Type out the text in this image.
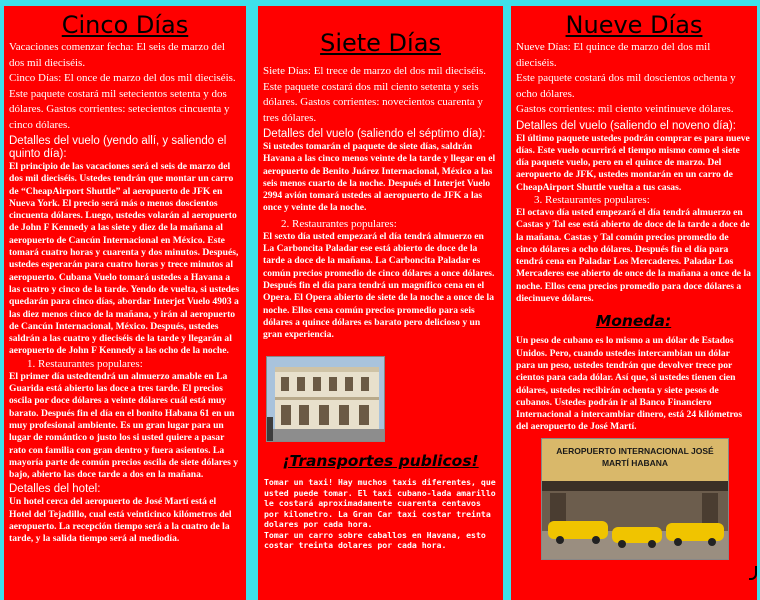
Cinco Días

Vacaciones comenzar fecha: El seis de marzo del dos mil dieciséis.

Cinco Días: El once de marzo del dos mil dieciséis. Este paquete costará mil setecientos setenta y dos dólares. Gastos corrientes: setecientos cincuenta y cinco dólares.

Detalles del vuelo (yendo allí, y saliendo el quinto día):

El principio de las vacaciones será el seis de marzo del dos mil dieciséis. Ustedes tendrán que montar un carro de “CheapAirport Shuttle” al aeropuerto de JFK en Nueva York. El precio será más o menos doscientos cincuenta dólares. Luego, ustedes volarán al aeropuerto de John F Kennedy a las siete y diez de la mañana al aeropuerto de Cancún Internacional en México. Este tomará cuatro horas y cuarenta y dos minutos. Después, ustedes esperarán para cuatro horas y trece minutos al aeropuerto. Cubana Vuelo tomará ustedes a Havana a las cuatro y cinco de la tarde. Yendo de vuelta, si ustedes quedarán para cinco días, abordar Interjet Vuelo 4903 a las diez menos cinco de la mañana, y irán al aeropuerto de Cancún Internacional, México. Después, ustedes saldrán a las cuatro y dieciséis de la tarde y llegarán al aeropuerto de John F Kennedy a las ocho de la noche.

1. Restaurantes populares:

El primer día ustedtendrá un almuerzo amable en La Guarida está abierto las doce a tres tarde. El precios oscila por doce dólares a veinte dólares cuál está muy barato. Después fin el día en el bonito Habana 61 en un muy profesional ambiente. Es un gran lugar para un lugar de romántico o justo los si usted quiere a pasar rato con familia con gran dentro y fuera asientos. La mayoría parte de común precios oscila de siete dólares y bajo, abierto las doce tarde a dos en la mañana.

Detalles del hotel:

Un hotel cerca del aeropuerto de José Martí está el Hotel del Tejadillo, cual está veinticinco kilómetros del aeropuerto. La recepción tiempo será a la cuatro de la tarde, y la salida tiempo será al mediodía.

Siete Días

Siete Días: El trece de marzo del dos mil dieciséis. Este paquete costará dos mil ciento setenta y seis dólares. Gastos corrientes: novecientos cuarenta y tres dólares.

Detalles del vuelo (saliendo el séptimo día):

Si ustedes tomarán el paquete de siete días, saldrán Havana a las cinco menos veinte de la tarde y llegar en el aeropuerto de Benito Juárez Internacional, México a las seis menos cuarto de la noche. Después el Interjet Vuelo 2994 avión tomará ustedes al aeropuerto de JFK a las once y veinte de la noche.

2. Restaurantes populares:

El sexto día usted empezará el día tendrá almuerzo en La Carboncita Paladar ese está abierto de doce de la tarde a doce de la mañana. La Carboncita Paladar es común precios promedio de cinco dólares a once dólares. Después fin el día para tendrá un magnífico cena en el Opera. El Opera abierto de siete de la noche a once de la noche. Ellos cena común precios promedio para seis dólares a quince dólares es barato pero delicioso y un gran experiencia.

¡Transportes publicos!

Tomar un taxi! Hay muchos taxis diferentes, que usted puede tomar. El taxi cubano-lada amarillo le costará aproximadamente cuarenta centavos por kilometro. La Gran Car taxi costar treinta dolares por cada hora.

Tomar un carro sobre caballos en Havana, esto costar treinta dolares por cada hora.

Nueve Días

Nueve Días: El quince de marzo del dos mil dieciséis.

Este paquete costará dos mil doscientos ochenta y ocho dólares.

Gastos corrientes: mil ciento veintinueve dólares.

Detalles del vuelo (saliendo el noveno día):

El último paquete ustedes podrán comprar es para nueve días. Este vuelo ocurrirá el tiempo mismo como el siete día paquete vuelo, pero en el quince de marzo. Del aeropuerto de JFK, ustedes montarán en un carro de CheapAirport Shuttle vuelta a tus casas.

3. Restaurantes populares:

El octavo día usted empezará el día tendrá almuerzo en Castas y Tal ese está abierto de doce de la tarde a doce de la mañana. Castas y Tal común precios promedio de cinco dólares a ocho dólares. Después fin el día para tendrá cena en Paladar Los Mercaderes. Paladar Los Mercaderes ese abierto de once de la mañana a once de la noche. Ellos cena precios promedio para doce dólares a diecinueve dólares.

Moneda:

Un peso de cubano es lo mismo a un dólar de Estados Unidos. Pero, cuando ustedes intercambian un dólar para un peso, ustedes tendrán que devolver trece por cientos para cada dólar. Así que, si ustedes tienen cien dólares, ustedes recibirán ochenta y siete pesos de cubanos. Ustedes podrán ir al Banco Financiero Internacional a intercambiar dinero, está 24 kilómetros del aeropuerto de José Martí.

AEROPUERTO INTERNACIONAL JOSÉ MARTÍ HABANA
